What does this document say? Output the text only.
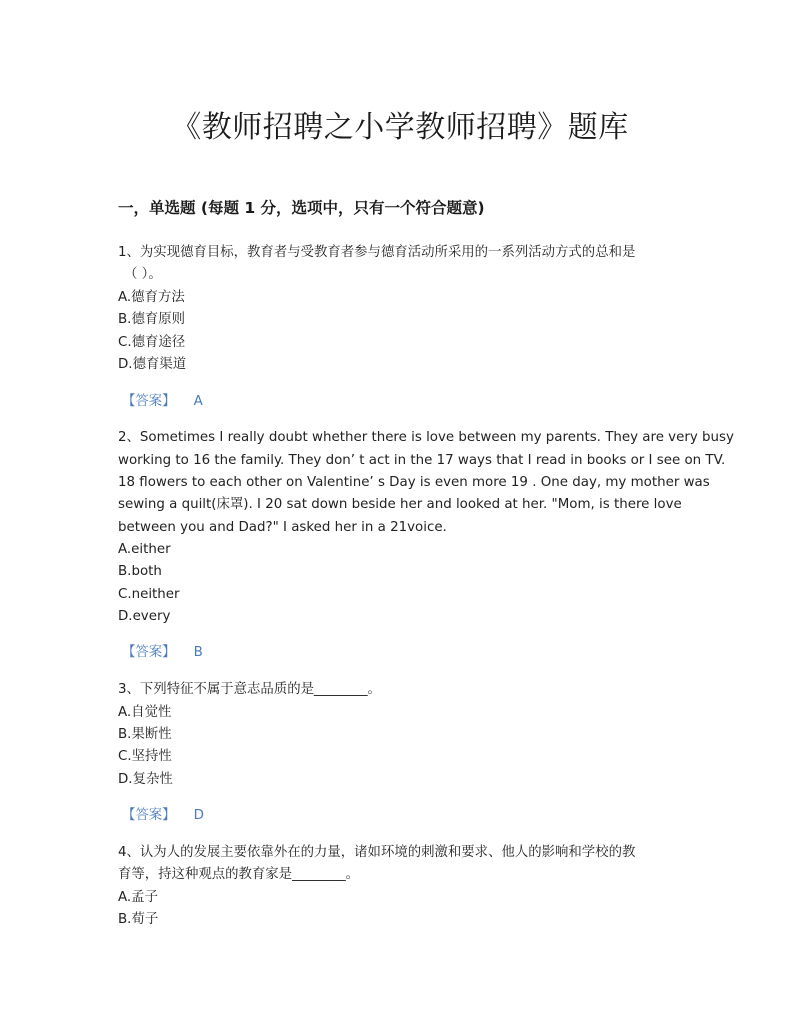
《教师招聘之小学教师招聘》题库
一，单选题 (每题 1 分，选项中，只有一个符合题意)
1、为实现德育目标，教育者与受教育者参与德育活动所采用的一系列活动方式的总和是
（ ）。
A.德育方法
B.德育原则
C.德育途径
D.德育渠道
【答案】 A
2、Sometimes I really doubt whether there is love between my parents. They are very busy
working to 16 the family. They don’ t act in the 17 ways that I read in books or I see on TV.
18 flowers to each other on Valentine’ s Day is even more 19 . One day, my mother was
sewing a quilt(床罩). I 20 sat down beside her and looked at her. "Mom, is there love
between you and Dad?" I asked her in a 21voice.
A.either
B.both
C.neither
D.every
【答案】 B
3、下列特征不属于意志品质的是________。
A.自觉性
B.果断性
C.坚持性
D.复杂性
【答案】 D
4、认为人的发展主要依靠外在的力量，诸如环境的刺激和要求、他人的影响和学校的教
育等，持这种观点的教育家是________。
A.孟子
B.荀子
